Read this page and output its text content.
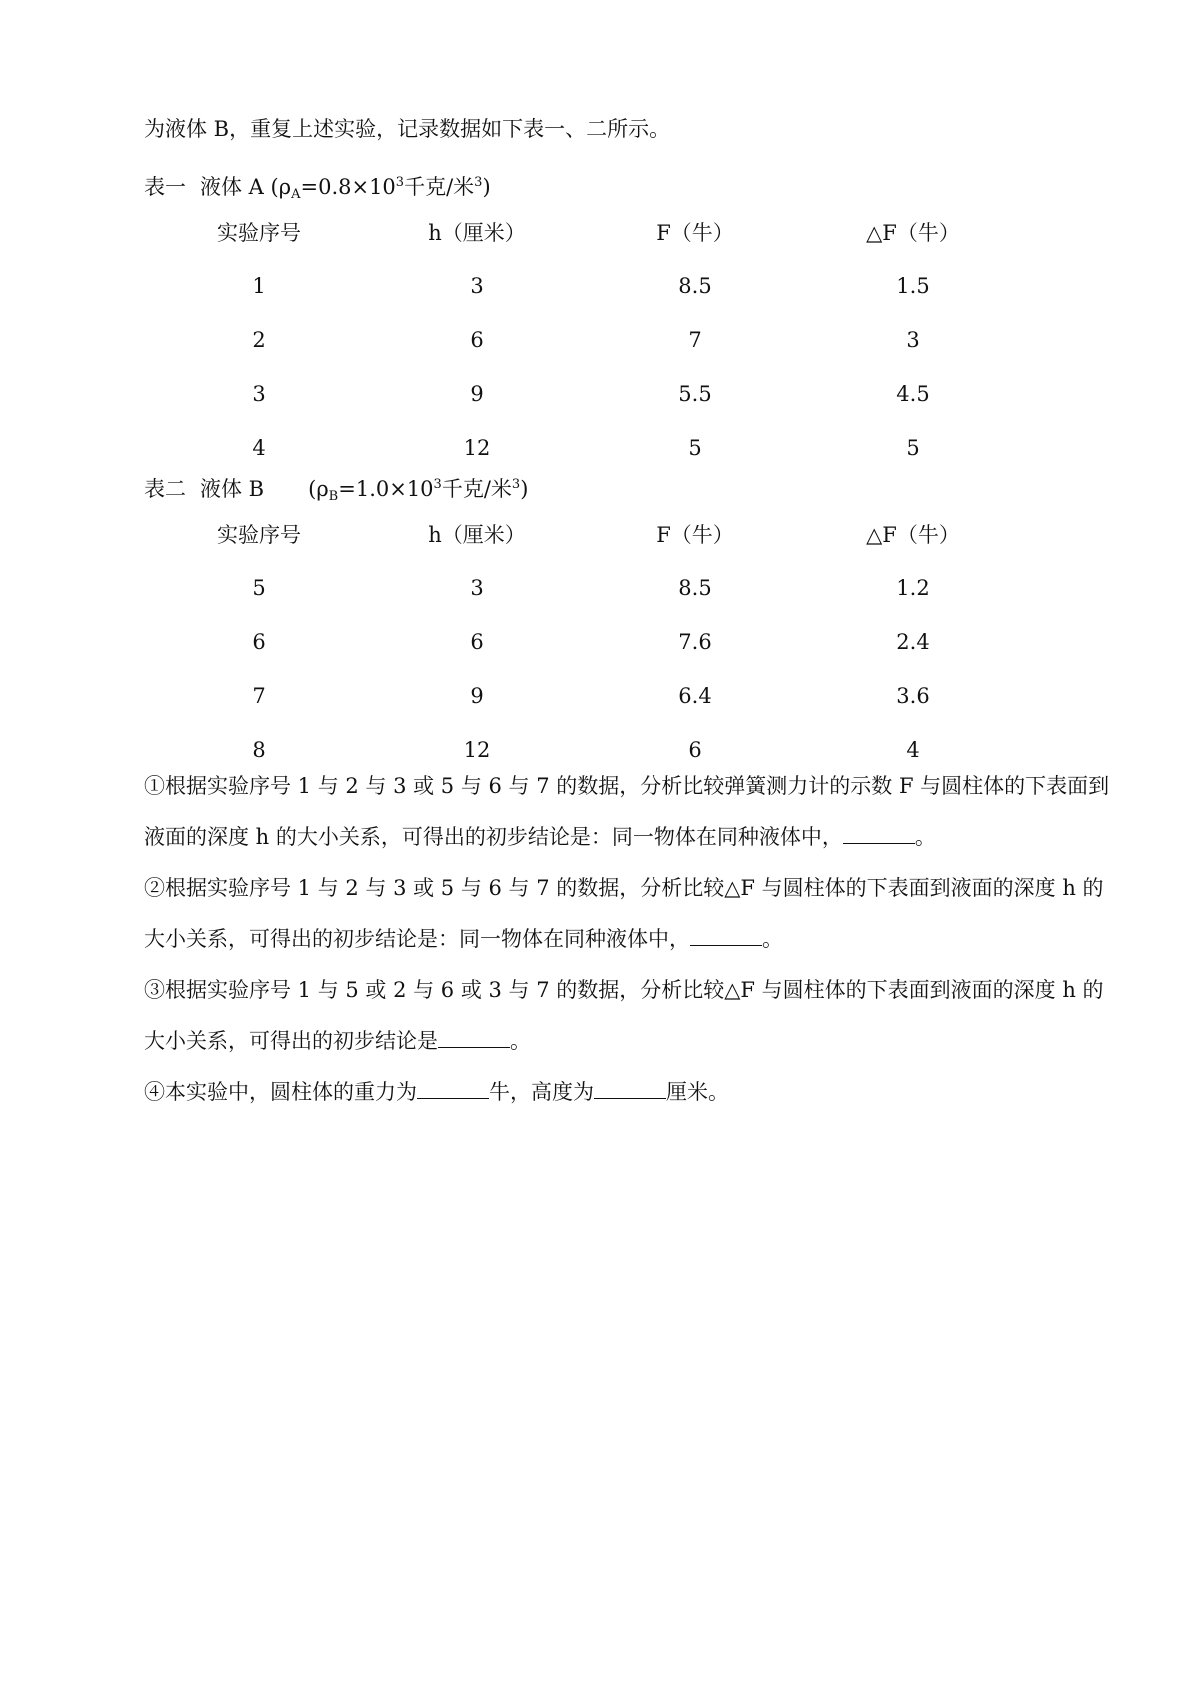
为液体 B，重复上述实验，记录数据如下表一、二所示。
表一 液体 A ($\rho_A=0.8\times 10^3$千克/米$^3$)
实验序号	h（厘米）	F（牛）	△F（牛）
1	3	8.5	1.5
2	6	7	3
3	9	5.5	4.5
4	12	5	5
表二 液体 B ($\rho_B=1.0\times 10^3$千克/米$^3$)
实验序号	h（厘米）	F（牛）	△F（牛）
5	3	8.5	1.2
6	6	7.6	2.4
7	9	6.4	3.6
8	12	6	4
①根据实验序号 1 与 2 与 3 或 5 与 6 与 7 的数据，分析比较弹簧测力计的示数 F 与圆柱体的下表面到
液面的深度 h 的大小关系，可得出的初步结论是：同一物体在同种液体中，	。
②根据实验序号 1 与 2 与 3 或 5 与 6 与 7 的数据，分析比较△F 与圆柱体的下表面到液面的深度 h 的
大小关系，可得出的初步结论是：同一物体在同种液体中，	。
③根据实验序号 1 与 5 或 2 与 6 或 3 与 7 的数据，分析比较△F 与圆柱体的下表面到液面的深度 h 的
大小关系，可得出的初步结论是	。
④本实验中，圆柱体的重力为	牛，高度为	厘米。
